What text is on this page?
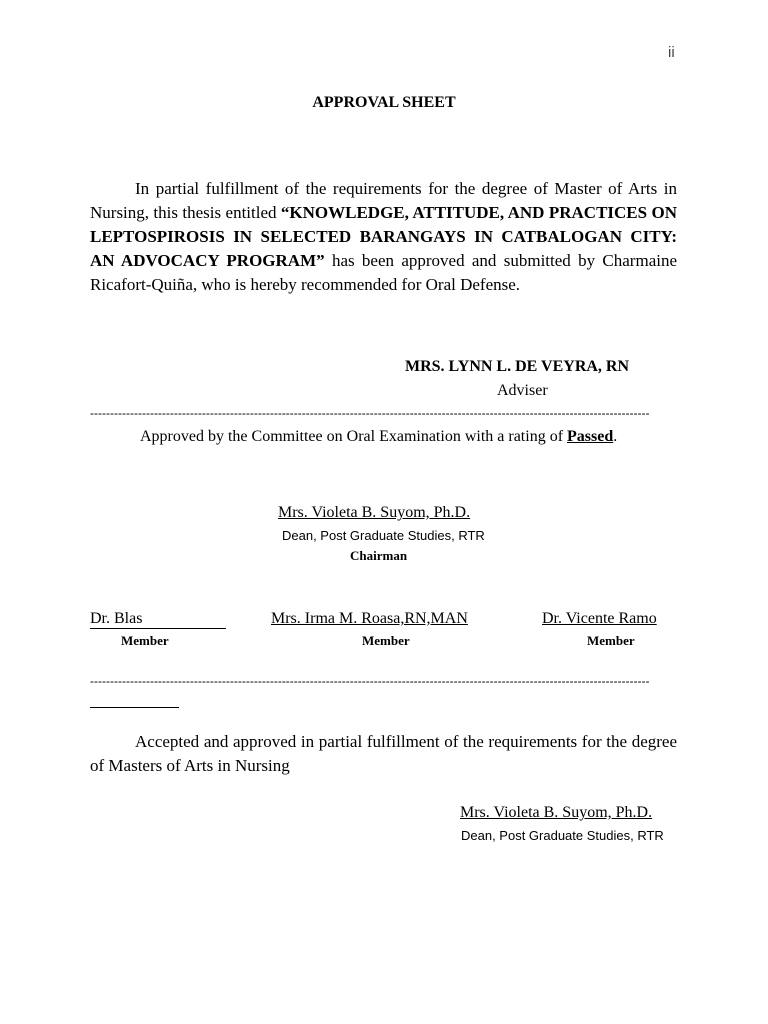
ii
APPROVAL SHEET
In partial fulfillment of the requirements for the degree of Master of Arts in Nursing, this thesis entitled “KNOWLEDGE, ATTITUDE, AND PRACTICES ON LEPTOSPIROSIS IN SELECTED BARANGAYS IN CATBALOGAN CITY: AN ADVOCACY PROGRAM” has been approved and submitted by Charmaine Ricafort-Quiña, who is hereby recommended for Oral Defense.
MRS. LYNN L. DE VEYRA, RN
Adviser
--------------------------------------------------------------------------------------------------------------------------------------------
Approved by the Committee on Oral Examination with a rating of Passed.
Mrs. Violeta B. Suyom, Ph.D.
Dean, Post Graduate Studies, RTR
Chairman
Dr. Blas
Member
Mrs. Irma M. Roasa,RN,MAN
Member
Dr. Vicente Ramo
Member
--------------------------------------------------------------------------------------------------------------------------------------------
Accepted and approved in partial fulfillment of the requirements for the degree of Masters of Arts in Nursing
Mrs. Violeta B. Suyom, Ph.D.
Dean, Post Graduate Studies, RTR
